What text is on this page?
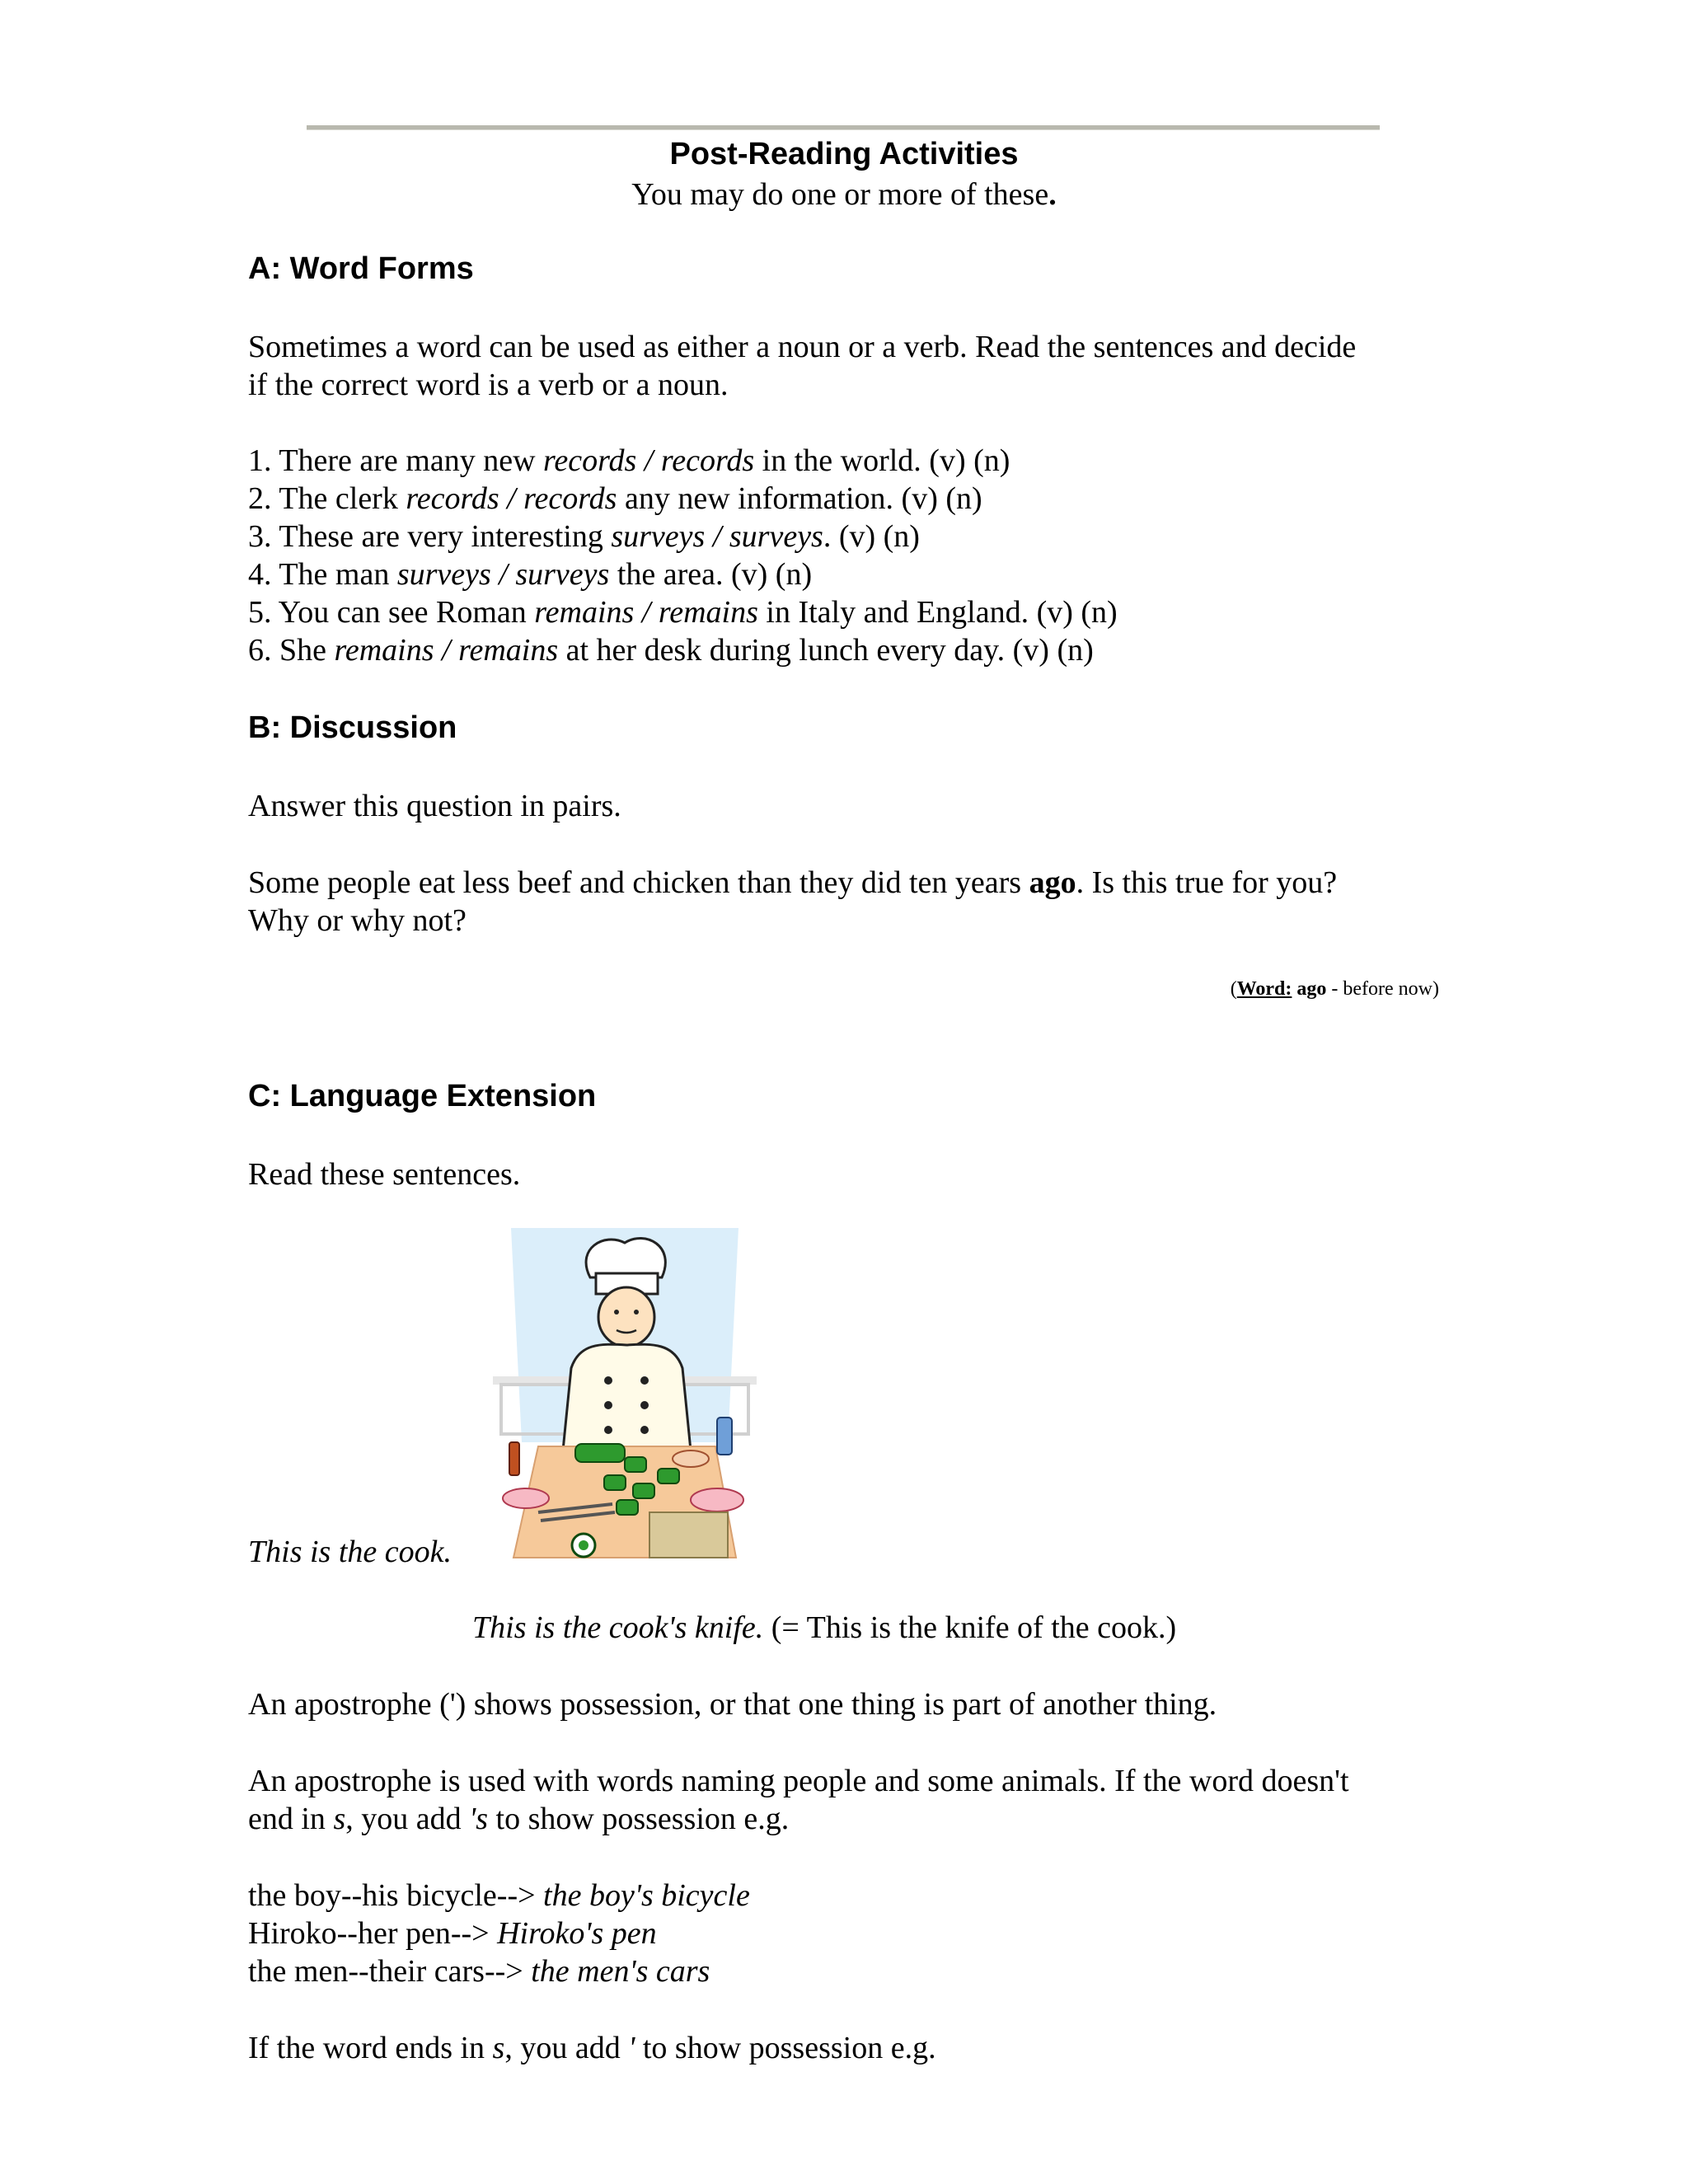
Post-Reading Activities
You may do one or more of these.
A: Word Forms
Sometimes a word can be used as either a noun or a verb. Read the sentences and decide
if the correct word is a verb or a noun.
1. There are many new records / records in the world. (v) (n)
2. The clerk records / records any new information. (v) (n)
3. These are very interesting surveys / surveys. (v) (n)
4. The man surveys / surveys the area. (v) (n)
5. You can see Roman remains / remains in Italy and England. (v) (n)
6. She remains / remains at her desk during lunch every day. (v) (n)
B: Discussion
Answer this question in pairs.
Some people eat less beef and chicken than they did ten years ago. Is this true for you?
Why or why not?
(Word: ago - before now)
C: Language Extension
Read these sentences.
This is the cook.
This is the cook's knife. (= This is the knife of the cook.)
An apostrophe (') shows possession, or that one thing is part of another thing.
An apostrophe is used with words naming people and some animals. If the word doesn't
end in s, you add 's to show possession e.g.
the boy--his bicycle--> the boy's bicycle
Hiroko--her pen--> Hiroko's pen
the men--their cars--> the men's cars
If the word ends in s, you add ' to show possession e.g.
